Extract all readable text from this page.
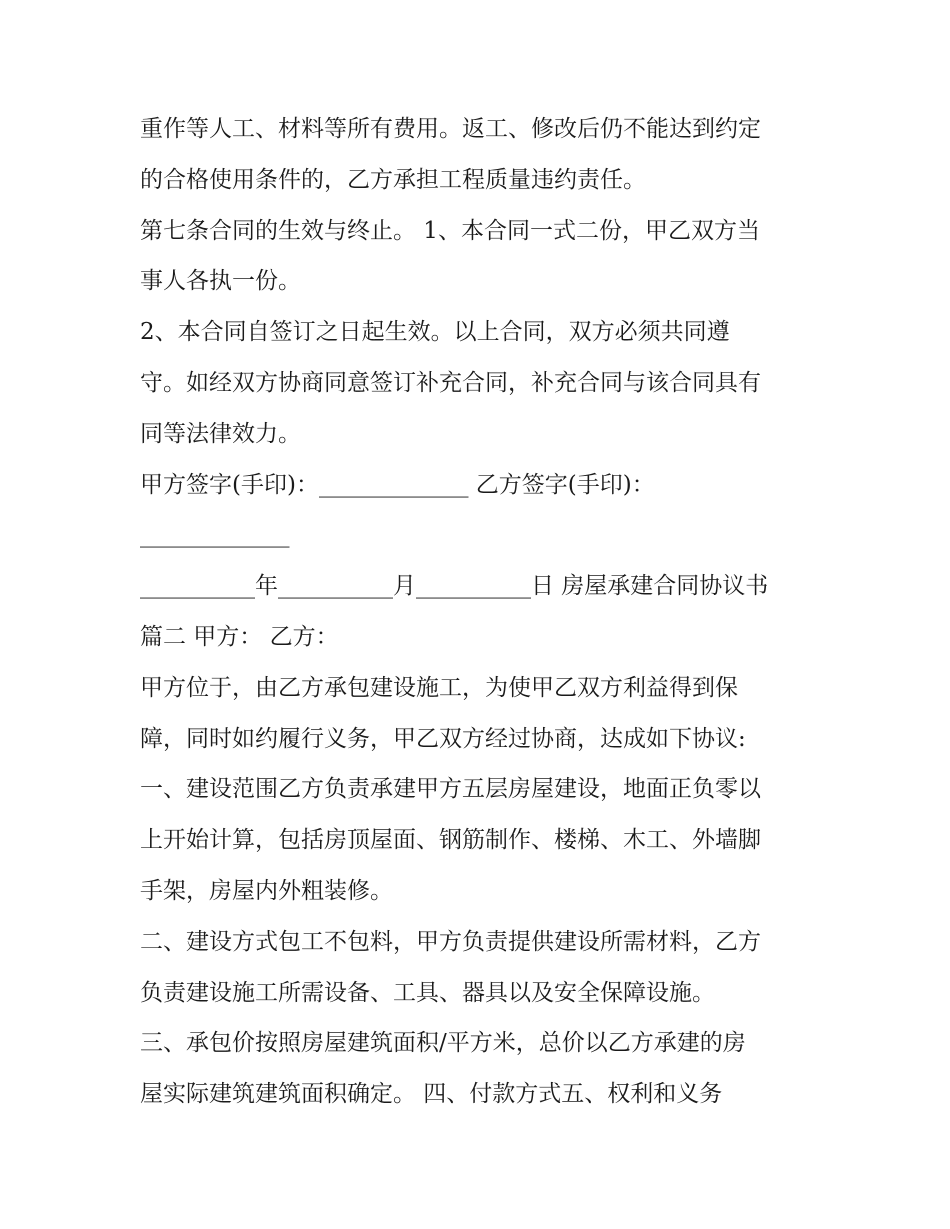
重作等人工、材料等所有费用。返工、修改后仍不能达到约定
的合格使用条件的，乙方承担工程质量违约责任。
第七条合同的生效与终止。 1、本合同一式二份，甲乙双方当
事人各执一份。
2、本合同自签订之日起生效。以上合同，双方必须共同遵
守。如经双方协商同意签订补充合同，补充合同与该合同具有
同等法律效力。
甲方签字(手印)：_____________ 乙方签字(手印)：
_____________
__________年__________月__________日 房屋承建合同协议书
篇二 甲方： 乙方：
甲方位于，由乙方承包建设施工，为使甲乙双方利益得到保
障，同时如约履行义务，甲乙双方经过协商，达成如下协议:
一、建设范围乙方负责承建甲方五层房屋建设，地面正负零以
上开始计算，包括房顶屋面、钢筋制作、楼梯、木工、外墙脚
手架，房屋内外粗装修。
二、建设方式包工不包料，甲方负责提供建设所需材料，乙方
负责建设施工所需设备、工具、器具以及安全保障设施。
三、承包价按照房屋建筑面积/平方米，总价以乙方承建的房
屋实际建筑建筑面积确定。 四、付款方式五、权利和义务
